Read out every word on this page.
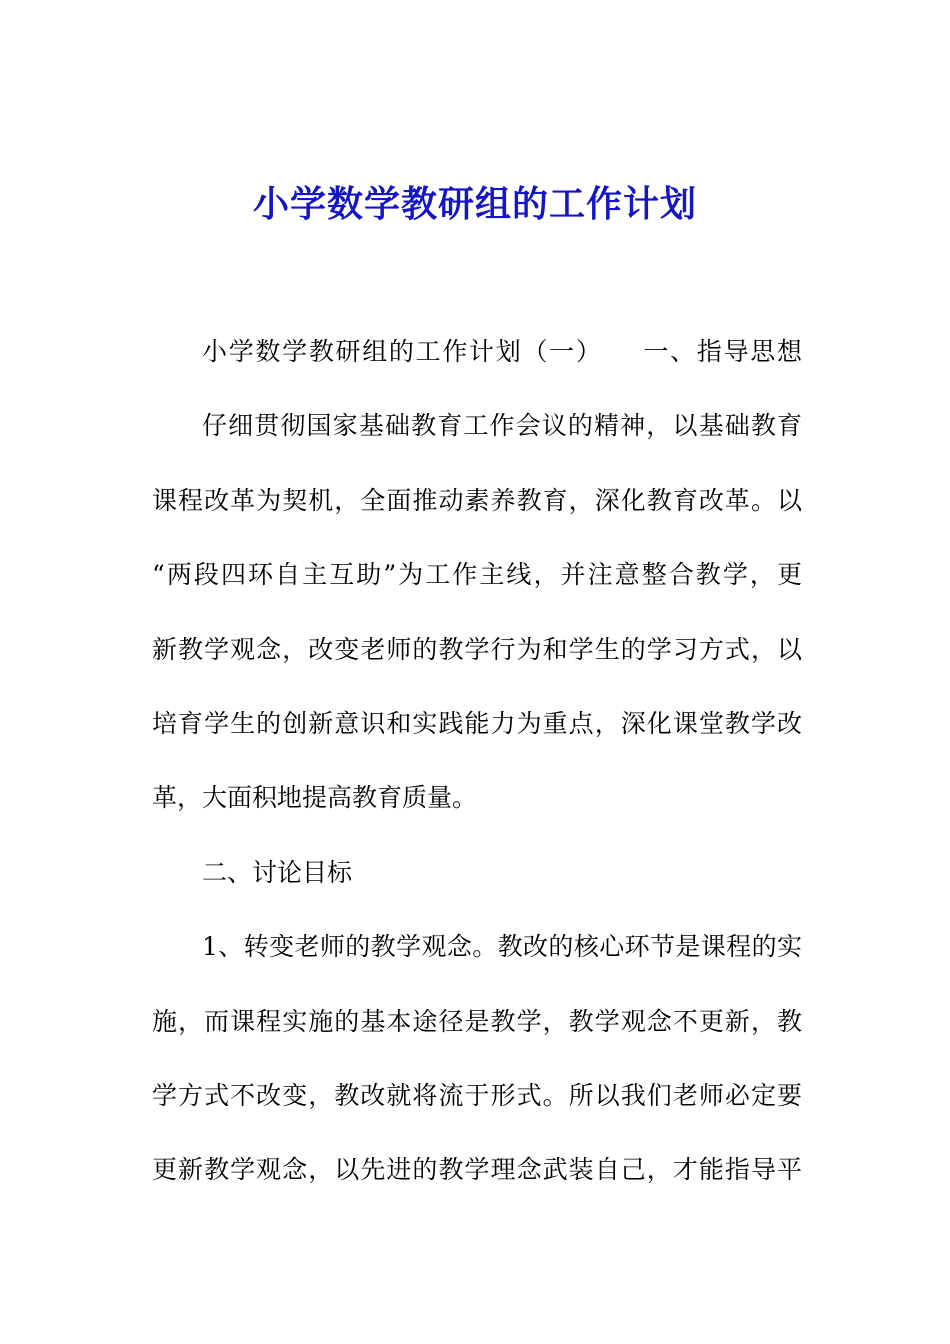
小学数学教研组的工作计划
小学数学教研组的工作计划（一）　　一、指导思想
仔细贯彻国家基础教育工作会议的精神，以基础教育
课程改革为契机，全面推动素养教育，深化教育改革。以
“两段四环自主互助”为工作主线，并注意整合教学，更
新教学观念，改变老师的教学行为和学生的学习方式，以
培育学生的创新意识和实践能力为重点，深化课堂教学改
革，大面积地提高教育质量。
二、讨论目标
1、转变老师的教学观念。教改的核心环节是课程的实
施，而课程实施的基本途径是教学，教学观念不更新，教
学方式不改变，教改就将流于形式。所以我们老师必定要
更新教学观念，以先进的教学理念武装自己，才能指导平
